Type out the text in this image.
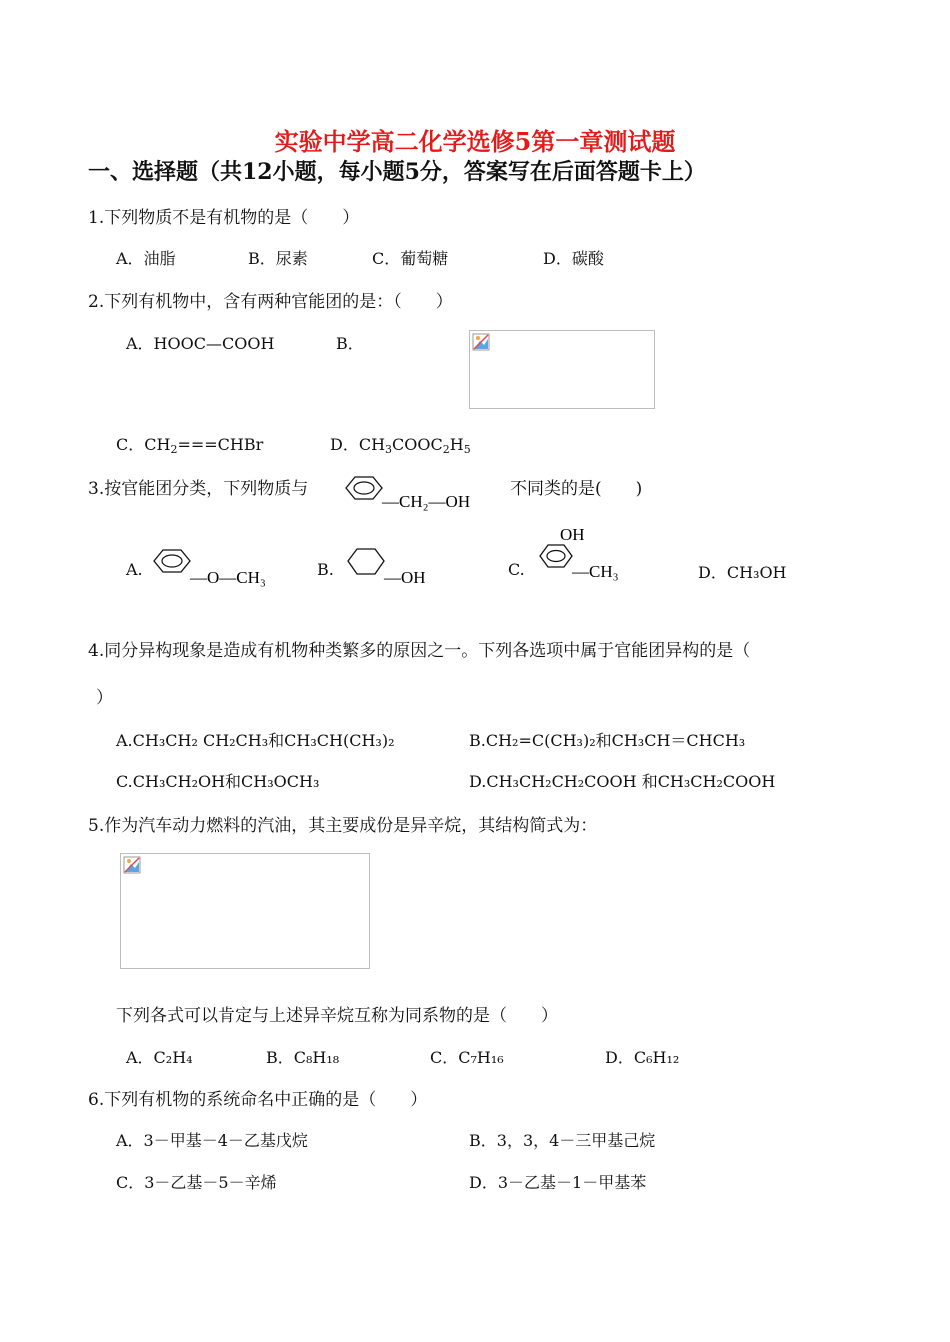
实验中学高二化学选修5第一章测试题
一、选择题（共12小题，每小题5分，答案写在后面答题卡上）
1.下列物质不是有机物的是（　　）
A．油脂	B．尿素	C．葡萄糖	D．碳酸
2.下列有机物中，含有两种官能团的是：（　　）
A．HOOC—COOH	B．
C．$CH_2===CHBr$	D．$CH_3COOC_2H_5$
3.按官能团分类，下列物质与
—CH₂—OH
不同类的是(　　)
A.	—O—CH₃	B.	—OH	C.
OH
—CH₃	D．CH₃OH
4.同分异构现象是造成有机物种类繁多的原因之一。下列各选项中属于官能团异构的是（
）
A.CH₃CH₂ CH₂CH₃和CH₃CH(CH₃)₂	B.CH₂=C(CH₃)₂和CH₃CH＝CHCH₃
C.CH₃CH₂OH和CH₃OCH₃	D.CH₃CH₂CH₂COOH 和CH₃CH₂COOH
5.作为汽车动力燃料的汽油，其主要成份是异辛烷，其结构简式为：
下列各式可以肯定与上述异辛烷互称为同系物的是（　　）
A．C₂H₄	B．C₈H₁₈	C．C₇H₁₆	D．C₆H₁₂
6.下列有机物的系统命名中正确的是（　　）
A．3－甲基－4－乙基戊烷	B．3，3，4－三甲基己烷
C．3－乙基－5－辛烯	D．3－乙基－1－甲基苯
